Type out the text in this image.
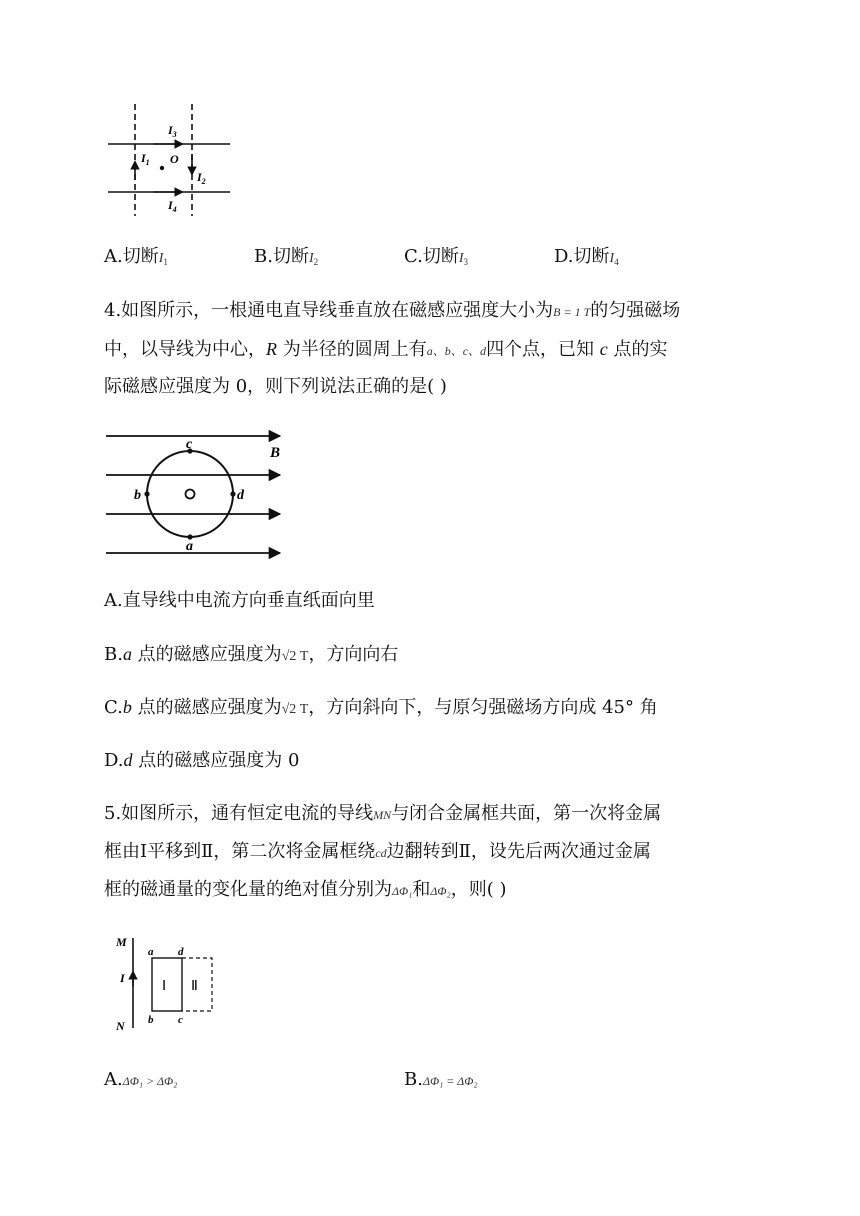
$I_3$
$I_1$ O
$I_2$
$I_4$
A.切断$I_1$	B.切断$I_2$	C.切断$I_3$	D.切断$I_4$
4.如图所示，一根通电直导线垂直放在磁感应强度大小为B = 1 T的匀强磁场
中，以导线为中心，R 为半径的圆周上有a、b、c、d四个点，已知 c 点的实
际磁感应强度为 0，则下列说法正确的是( )
c
b	d
a
B
A.直导线中电流方向垂直纸面向里
B.a 点的磁感应强度为√2 T，方向向右
C.b 点的磁感应强度为√2 T，方向斜向下，与原匀强磁场方向成 45° 角
D.d 点的磁感应强度为 0
5.如图所示，通有恒定电流的导线MN与闭合金属框共面，第一次将金属
框由Ⅰ平移到Ⅱ，第二次将金属框绕cd边翻转到Ⅱ，设先后两次通过金属
框的磁通量的变化量的绝对值分别为ΔΦ₁和ΔΦ₂，则( )
M
I
N
a d
b c
Ⅰ Ⅱ
A.ΔΦ₁ > ΔΦ₂	B.ΔΦ₁ = ΔΦ₂
